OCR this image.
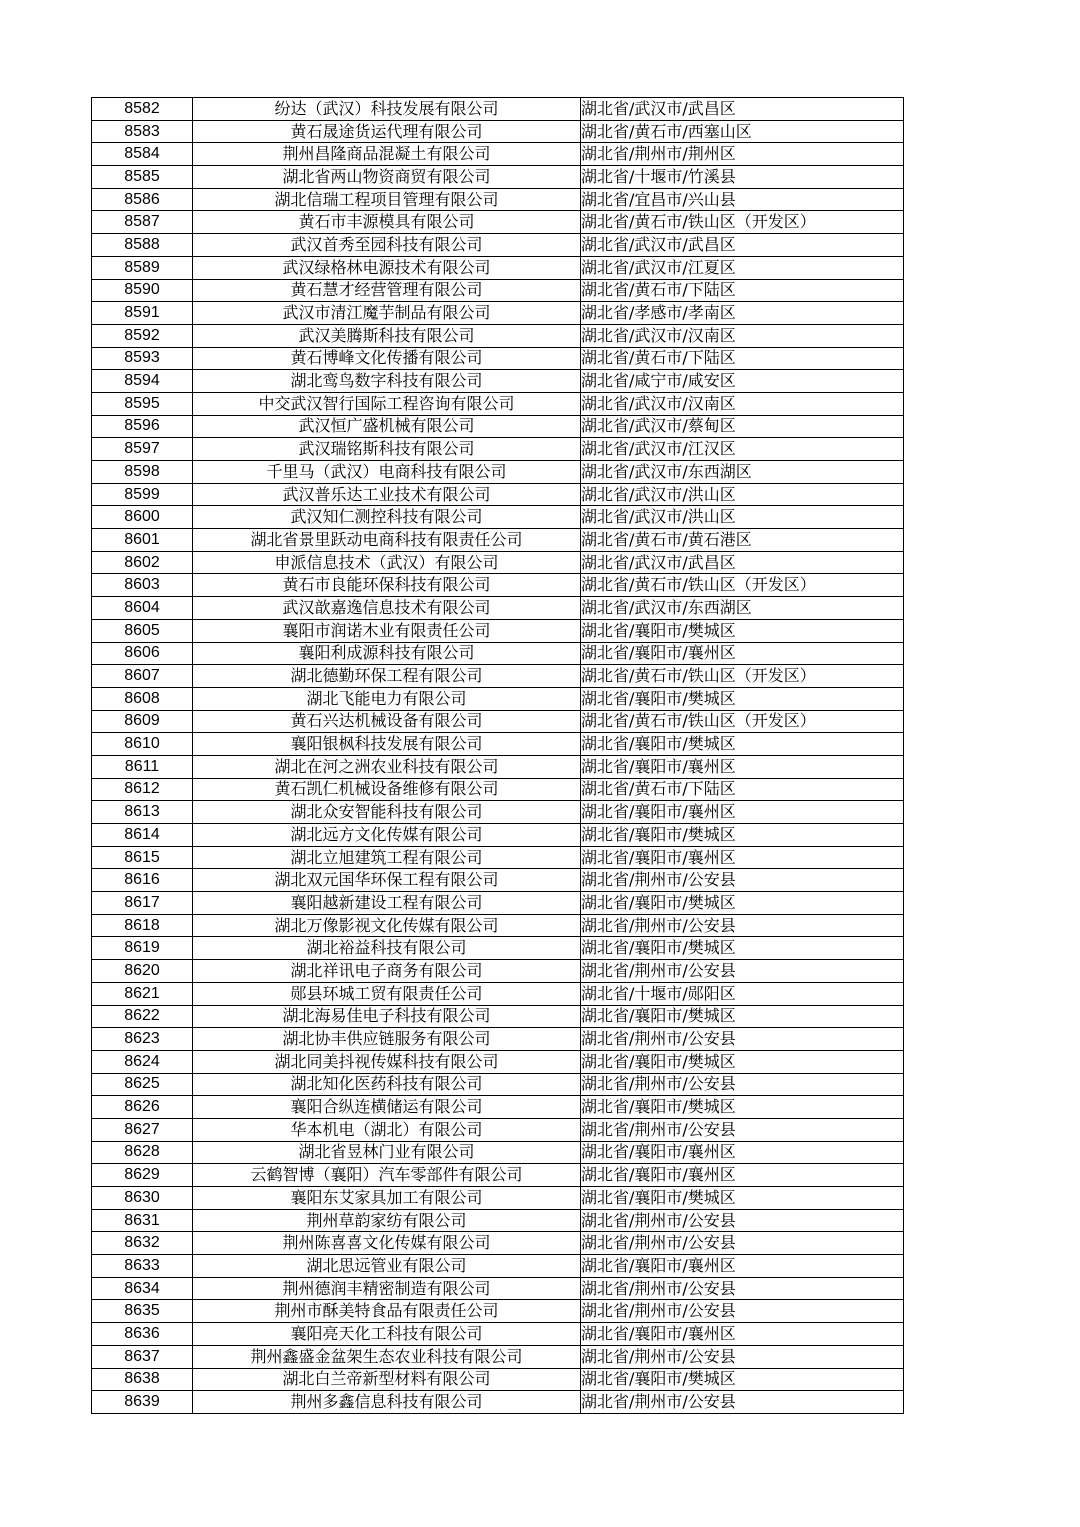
8582	纷达（武汉）科技发展有限公司	湖北省/武汉市/武昌区
8583	黄石晟途货运代理有限公司	湖北省/黄石市/西塞山区
8584	荆州昌隆商品混凝土有限公司	湖北省/荆州市/荆州区
8585	湖北省两山物资商贸有限公司	湖北省/十堰市/竹溪县
8586	湖北信瑞工程项目管理有限公司	湖北省/宜昌市/兴山县
8587	黄石市丰源模具有限公司	湖北省/黄石市/铁山区（开发区）
8588	武汉首秀至园科技有限公司	湖北省/武汉市/武昌区
8589	武汉绿格林电源技术有限公司	湖北省/武汉市/江夏区
8590	黄石慧才经营管理有限公司	湖北省/黄石市/下陆区
8591	武汉市清江魔芋制品有限公司	湖北省/孝感市/孝南区
8592	武汉美腾斯科技有限公司	湖北省/武汉市/汉南区
8593	黄石博峰文化传播有限公司	湖北省/黄石市/下陆区
8594	湖北鸾鸟数字科技有限公司	湖北省/咸宁市/咸安区
8595	中交武汉智行国际工程咨询有限公司	湖北省/武汉市/汉南区
8596	武汉恒广盛机械有限公司	湖北省/武汉市/蔡甸区
8597	武汉瑞铭斯科技有限公司	湖北省/武汉市/江汉区
8598	千里马（武汉）电商科技有限公司	湖北省/武汉市/东西湖区
8599	武汉普乐达工业技术有限公司	湖北省/武汉市/洪山区
8600	武汉知仁测控科技有限公司	湖北省/武汉市/洪山区
8601	湖北省景里跃动电商科技有限责任公司	湖北省/黄石市/黄石港区
8602	申派信息技术（武汉）有限公司	湖北省/武汉市/武昌区
8603	黄石市良能环保科技有限公司	湖北省/黄石市/铁山区（开发区）
8604	武汉歆嘉逸信息技术有限公司	湖北省/武汉市/东西湖区
8605	襄阳市润诺木业有限责任公司	湖北省/襄阳市/樊城区
8606	襄阳利成源科技有限公司	湖北省/襄阳市/襄州区
8607	湖北德勤环保工程有限公司	湖北省/黄石市/铁山区（开发区）
8608	湖北飞能电力有限公司	湖北省/襄阳市/樊城区
8609	黄石兴达机械设备有限公司	湖北省/黄石市/铁山区（开发区）
8610	襄阳银枫科技发展有限公司	湖北省/襄阳市/樊城区
8611	湖北在河之洲农业科技有限公司	湖北省/襄阳市/襄州区
8612	黄石凯仁机械设备维修有限公司	湖北省/黄石市/下陆区
8613	湖北众安智能科技有限公司	湖北省/襄阳市/襄州区
8614	湖北远方文化传媒有限公司	湖北省/襄阳市/樊城区
8615	湖北立旭建筑工程有限公司	湖北省/襄阳市/襄州区
8616	湖北双元国华环保工程有限公司	湖北省/荆州市/公安县
8617	襄阳越新建设工程有限公司	湖北省/襄阳市/樊城区
8618	湖北万像影视文化传媒有限公司	湖北省/荆州市/公安县
8619	湖北裕益科技有限公司	湖北省/襄阳市/樊城区
8620	湖北祥讯电子商务有限公司	湖北省/荆州市/公安县
8621	郧县环城工贸有限责任公司	湖北省/十堰市/郧阳区
8622	湖北海易佳电子科技有限公司	湖北省/襄阳市/樊城区
8623	湖北协丰供应链服务有限公司	湖北省/荆州市/公安县
8624	湖北同美抖视传媒科技有限公司	湖北省/襄阳市/樊城区
8625	湖北知化医药科技有限公司	湖北省/荆州市/公安县
8626	襄阳合纵连横储运有限公司	湖北省/襄阳市/樊城区
8627	华本机电（湖北）有限公司	湖北省/荆州市/公安县
8628	湖北省昱林门业有限公司	湖北省/襄阳市/襄州区
8629	云鹤智博（襄阳）汽车零部件有限公司	湖北省/襄阳市/襄州区
8630	襄阳东艾家具加工有限公司	湖北省/襄阳市/樊城区
8631	荆州草韵家纺有限公司	湖北省/荆州市/公安县
8632	荆州陈喜喜文化传媒有限公司	湖北省/荆州市/公安县
8633	湖北思远管业有限公司	湖北省/襄阳市/襄州区
8634	荆州德润丰精密制造有限公司	湖北省/荆州市/公安县
8635	荆州市酥美特食品有限责任公司	湖北省/荆州市/公安县
8636	襄阳亮天化工科技有限公司	湖北省/襄阳市/襄州区
8637	荆州鑫盛金盆架生态农业科技有限公司	湖北省/荆州市/公安县
8638	湖北白兰帝新型材料有限公司	湖北省/襄阳市/樊城区
8639	荆州多鑫信息科技有限公司	湖北省/荆州市/公安县
